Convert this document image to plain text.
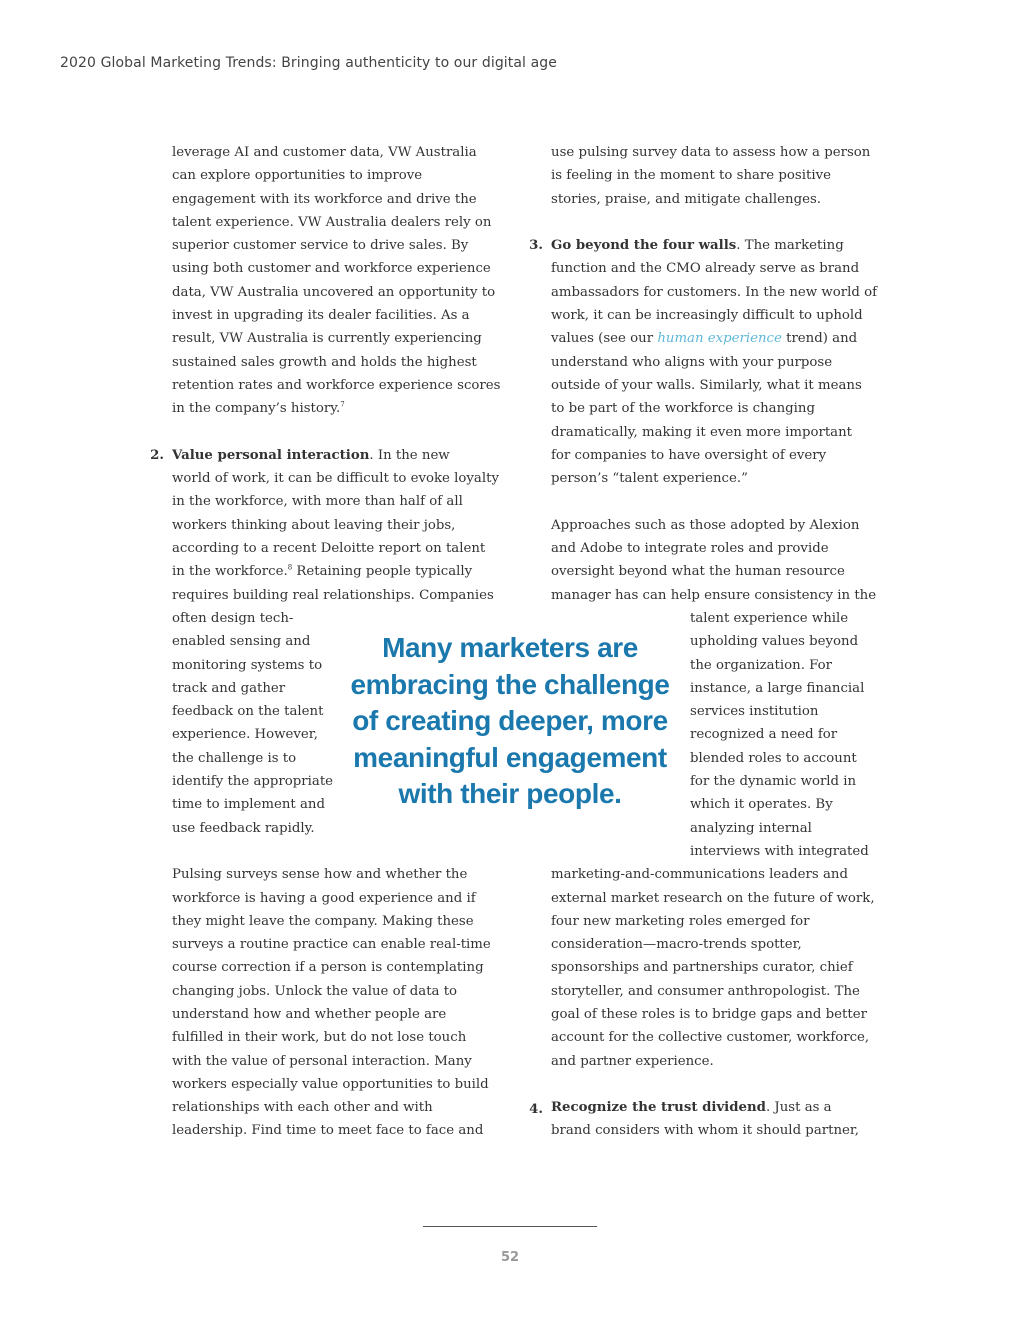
2020 Global Marketing Trends: Bringing authenticity to our digital age

leverage AI and customer data, VW Australia

can explore opportunities to improve

engagement with its workforce and drive the

talent experience. VW Australia dealers rely on

superior customer service to drive sales. By

using both customer and workforce experience

data, VW Australia uncovered an opportunity to

invest in upgrading its dealer facilities. As a

result, VW Australia is currently experiencing

sustained sales growth and holds the highest

retention rates and workforce experience scores

in the company’s history.$^7$

Value personal interaction. In the new

world of work, it can be difficult to evoke loyalty

in the workforce, with more than half of all

workers thinking about leaving their jobs,

according to a recent Deloitte report on talent

in the workforce.$^8$ Retaining people typically

requires building real relationships. Companies

often design tech-

enabled sensing and

monitoring systems to

track and gather

feedback on the talent

experience. However,

the challenge is to

identify the appropriate

time to implement and

use feedback rapidly.

Pulsing surveys sense how and whether the

workforce is having a good experience and if

they might leave the company. Making these

surveys a routine practice can enable real-time

course correction if a person is contemplating

changing jobs. Unlock the value of data to

understand how and whether people are

fulfilled in their work, but do not lose touch

with the value of personal interaction. Many

workers especially value opportunities to build

relationships with each other and with

leadership. Find time to meet face to face and

2.

use pulsing survey data to assess how a person

is feeling in the moment to share positive

stories, praise, and mitigate challenges.

Go beyond the four walls. The marketing

function and the CMO already serve as brand

ambassadors for customers. In the new world of

work, it can be increasingly difficult to uphold

values (see our human experience trend) and

understand who aligns with your purpose

outside of your walls. Similarly, what it means

to be part of the workforce is changing

dramatically, making it even more important

for companies to have oversight of every

person’s “talent experience.”

Approaches such as those adopted by Alexion

and Adobe to integrate roles and provide

oversight beyond what the human resource

manager has can help ensure consistency in the

talent experience while

upholding values beyond

the organization. For

instance, a large financial

services institution

recognized a need for

blended roles to account

for the dynamic world in

which it operates. By

analyzing internal

interviews with integrated

marketing-and-communications leaders and

external market research on the future of work,

four new marketing roles emerged for

consideration—macro-trends spotter,

sponsorships and partnerships curator, chief

storyteller, and consumer anthropologist. The

goal of these roles is to bridge gaps and better

account for the collective customer, workforce,

and partner experience.

Recognize the trust dividend. Just as a

brand considers with whom it should partner,

3.
4.
Many marketers are
embracing the challenge
of creating deeper, more
meaningful engagement
with their people.
52
